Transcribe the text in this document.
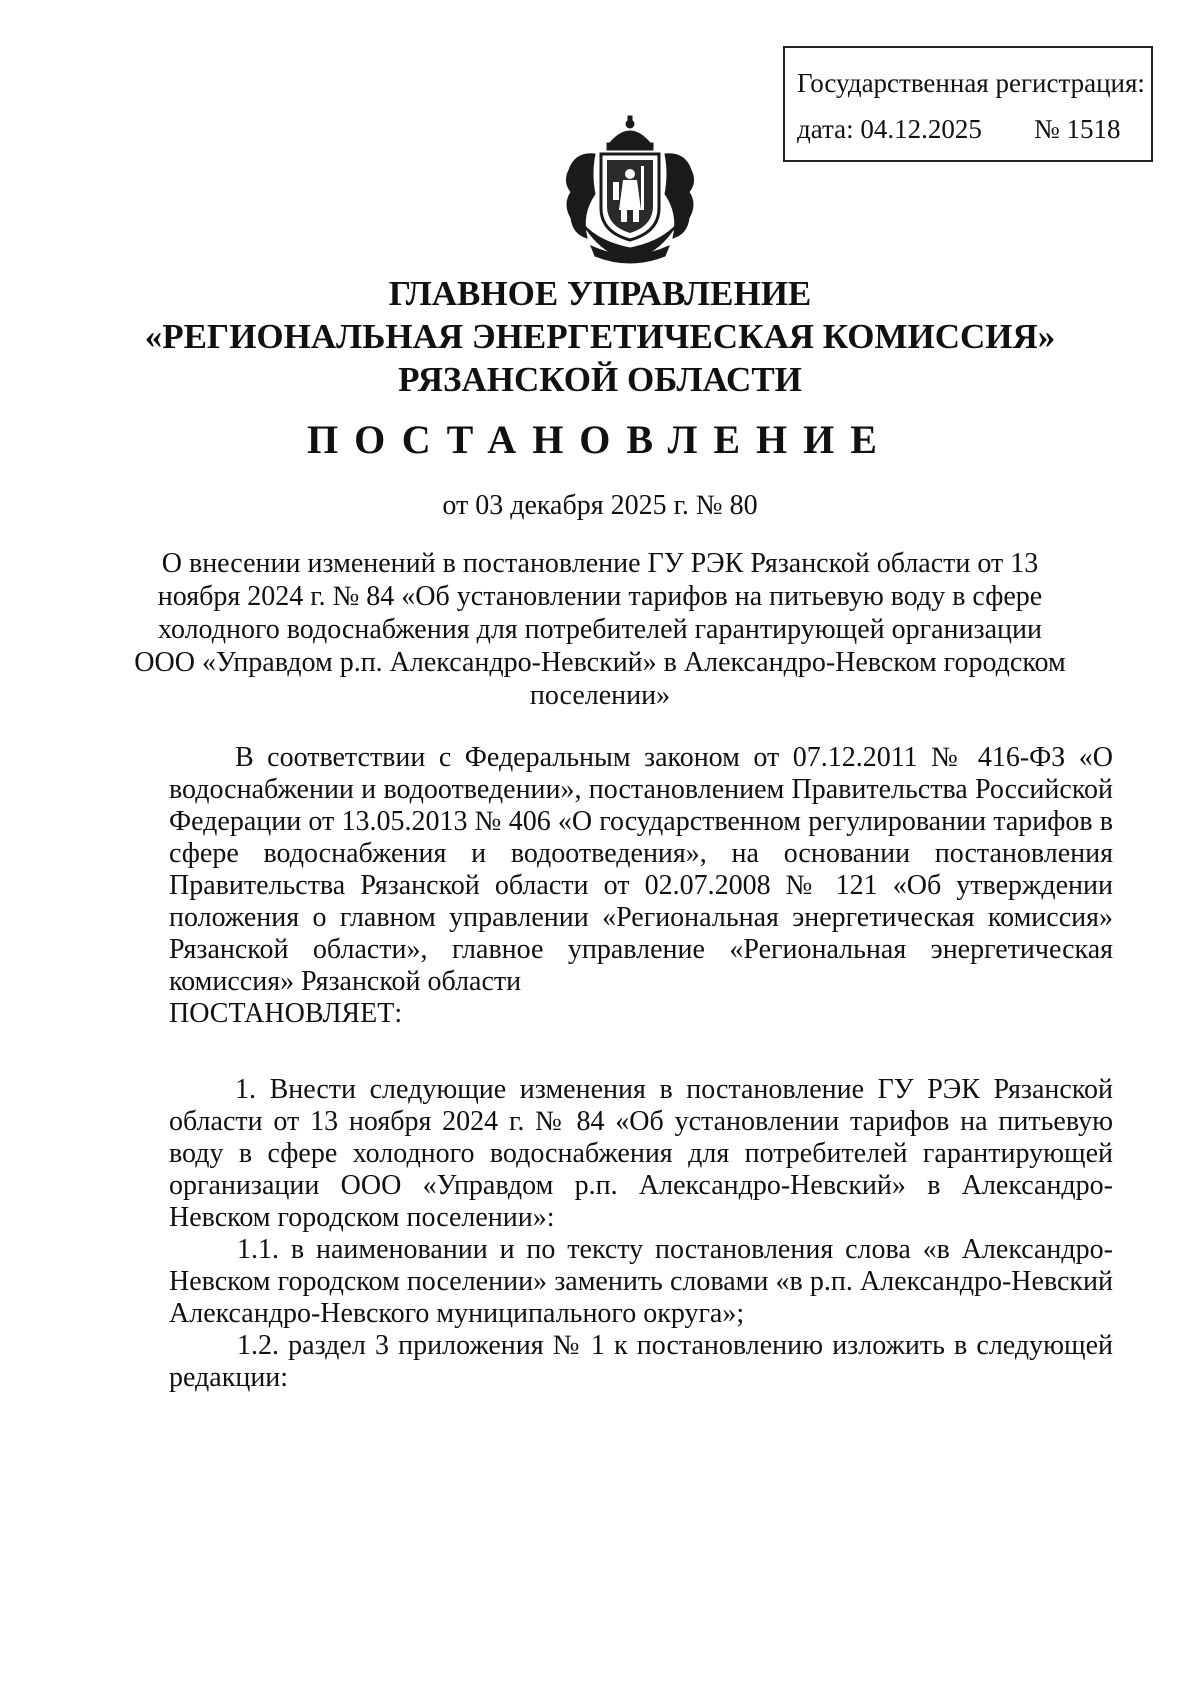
Государственная регистрация:
дата: 04.12.2025 № 1518
ГЛАВНОЕ УПРАВЛЕНИЕ
«РЕГИОНАЛЬНАЯ ЭНЕРГЕТИЧЕСКАЯ КОМИССИЯ»
РЯЗАНСКОЙ ОБЛАСТИ
ПОСТАНОВЛЕНИЕ
от 03 декабря 2025 г. № 80
О внесении изменений в постановление ГУ РЭК Рязанской области от 13 ноября 2024 г. № 84 «Об установлении тарифов на питьевую воду в сфере холодного водоснабжения для потребителей гарантирующей организации ООО «Управдом р.п. Александро-Невский» в Александро-Невском городском поселении»
В соответствии с Федеральным законом от 07.12.2011 № 416-ФЗ «О водоснабжении и водоотведении», постановлением Правительства Российской Федерации от 13.05.2013 № 406 «О государственном регулировании тарифов в сфере водоснабжения и водоотведения», на основании постановления Правительства Рязанской области от 02.07.2008 № 121 «Об утверждении положения о главном управлении «Региональная энергетическая комиссия» Рязанской области», главное управление «Региональная энергетическая комиссия» Рязанской области
ПОСТАНОВЛЯЕТ:

1. Внести следующие изменения в постановление ГУ РЭК Рязанской области от 13 ноября 2024 г. № 84 «Об установлении тарифов на питьевую воду в сфере холодного водоснабжения для потребителей гарантирующей организации ООО «Управдом р.п. Александро-Невский» в Александро-Невском городском поселении»:

1.1. в наименовании и по тексту постановления слова «в Александро-Невском городском поселении» заменить словами «в р.п. Александро-Невский Александро-Невского муниципального округа»;

1.2. раздел 3 приложения № 1 к постановлению изложить в следующей редакции:
